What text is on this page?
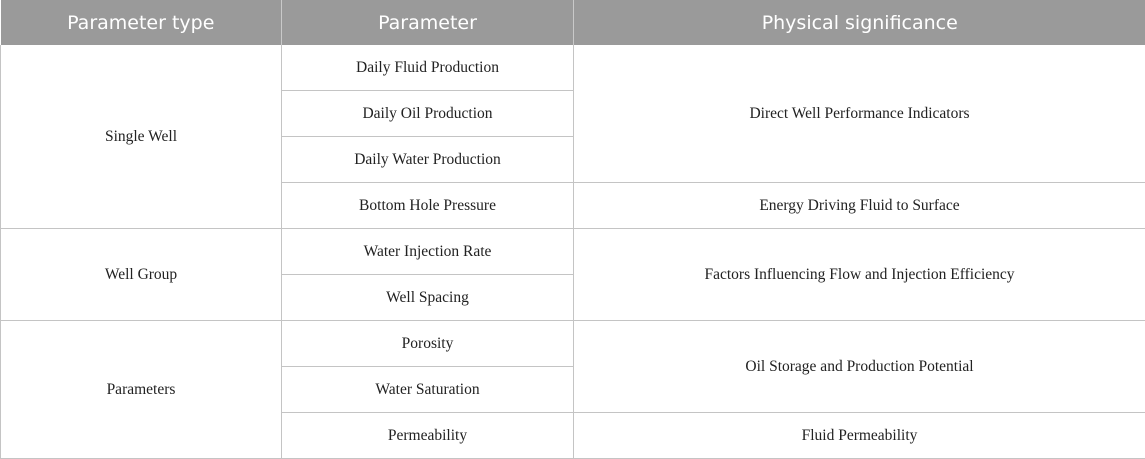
Parameter type	Parameter	Physical significance
Single Well	Daily Fluid Production	Direct Well Performance Indicators
	Daily Oil Production	
	Daily Water Production	
	Bottom Hole Pressure	Energy Driving Fluid to Surface
Well Group	Water Injection Rate	Factors Influencing Flow and Injection Efficiency
	Well Spacing	
Parameters	Porosity	Oil Storage and Production Potential
	Water Saturation	
	Permeability	Fluid Permeability
